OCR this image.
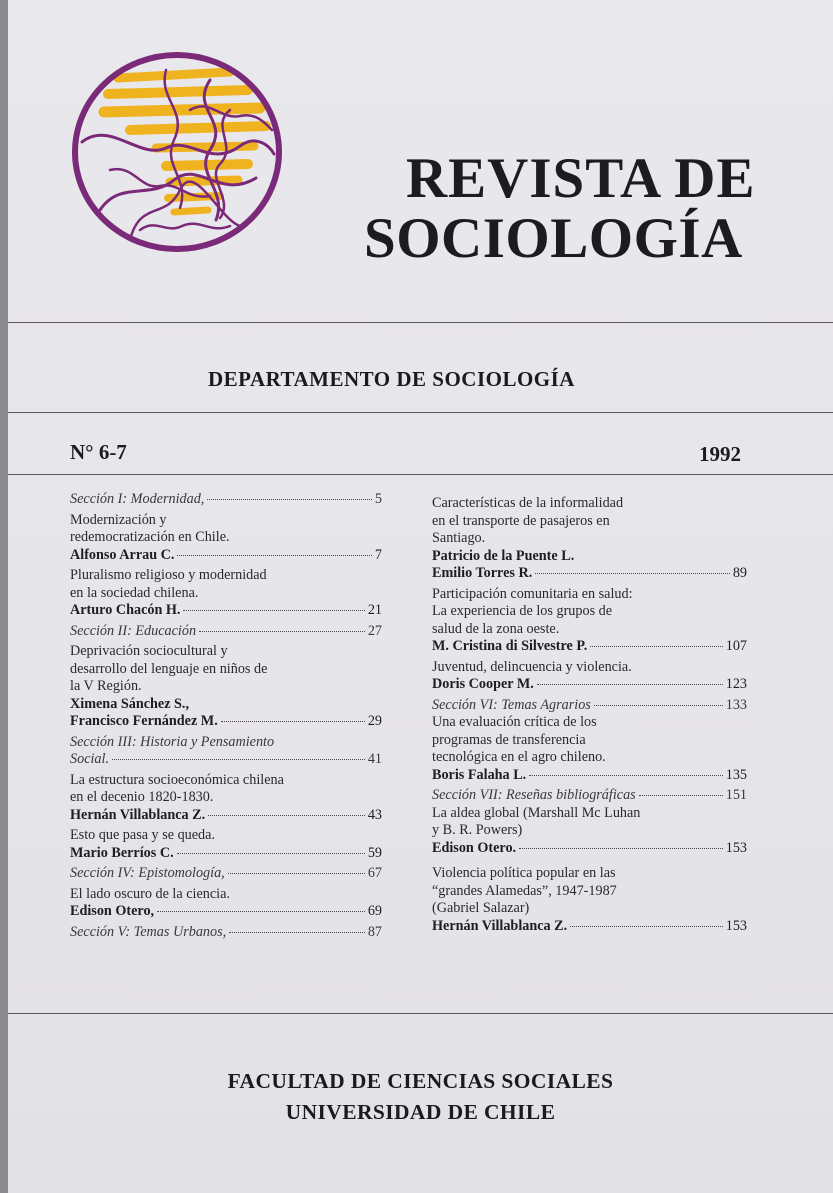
REVISTA DE
SOCIOLOGÍA
DEPARTAMENTO DE SOCIOLOGÍA
N° 6-7	1992
Sección I: Modernidad,	5
Modernización y
redemocratización en Chile.
Alfonso Arrau C.	7
Pluralismo religioso y modernidad
en la sociedad chilena.
Arturo Chacón H.	21
Sección II: Educación	27
Deprivación sociocultural y
desarrollo del lenguaje en niños de
la V Región.
Ximena Sánchez S.,
Francisco Fernández M.	29
Sección III: Historia y Pensamiento
Social.	41
La estructura socioeconómica chilena
en el decenio 1820-1830.
Hernán Villablanca Z.	43
Esto que pasa y se queda.
Mario Berríos C.	59
Sección IV: Epistomología,	67
El lado oscuro de la ciencia.
Edison Otero,	69
Sección V: Temas Urbanos,	87
Características de la informalidad
en el transporte de pasajeros en
Santiago.
Patricio de la Puente L.
Emilio Torres R.	89
Participación comunitaria en salud:
La experiencia de los grupos de
salud de la zona oeste.
M. Cristina di Silvestre P.	107
Juventud, delincuencia y violencia.
Doris Cooper M.	123
Sección VI: Temas Agrarios	133
Una evaluación crítica de los
programas de transferencia
tecnológica en el agro chileno.
Boris Falaha L.	135
Sección VII: Reseñas bibliográficas	151
La aldea global (Marshall Mc Luhan
y B. R. Powers)
Edison Otero.	153
Violencia política popular en las
“grandes Alamedas”, 1947-1987
(Gabriel Salazar)
Hernán Villablanca Z.	153
FACULTAD DE CIENCIAS SOCIALES
UNIVERSIDAD DE CHILE
